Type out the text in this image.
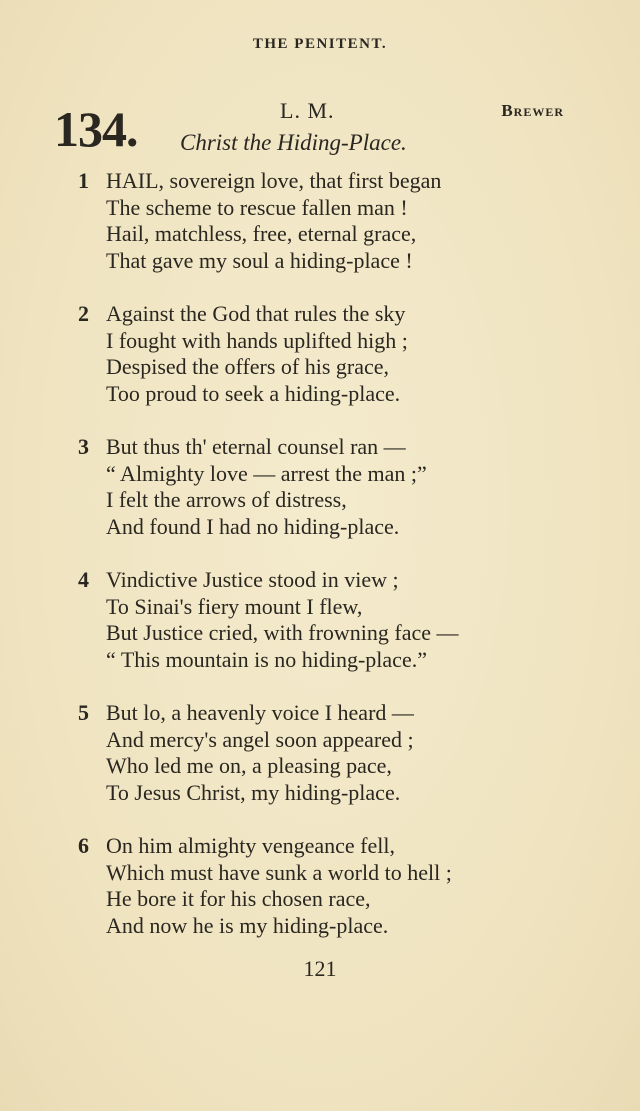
THE PENITENT.
134.	L. M.	Brewer
Christ the Hiding-Place.
1 HAIL, sovereign love, that first began
The scheme to rescue fallen man !
Hail, matchless, free, eternal grace,
That gave my soul a hiding-place !
2 Against the God that rules the sky
I fought with hands uplifted high ;
Despised the offers of his grace,
Too proud to seek a hiding-place.
3 But thus th' eternal counsel ran —
“ Almighty love — arrest the man ;”
I felt the arrows of distress,
And found I had no hiding-place.
4 Vindictive Justice stood in view ;
To Sinai's fiery mount I flew,
But Justice cried, with frowning face —
“ This mountain is no hiding-place.”
5 But lo, a heavenly voice I heard —
And mercy's angel soon appeared ;
Who led me on, a pleasing pace,
To Jesus Christ, my hiding-place.
6 On him almighty vengeance fell,
Which must have sunk a world to hell ;
He bore it for his chosen race,
And now he is my hiding-place.
121
